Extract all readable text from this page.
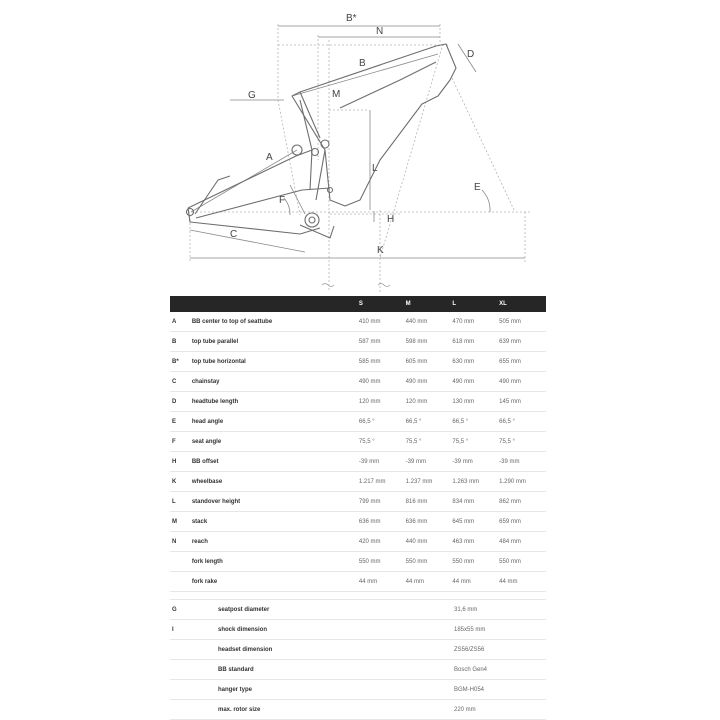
B*
N
B
D
G	M
A
L
E
F
H
C
K
		S	M	L	XL
A	BB center to top of seattube	410 mm	440 mm	470 mm	505 mm
B	top tube parallel	587 mm	598 mm	618 mm	639 mm
B*	top tube horizontal	585 mm	605 mm	630 mm	655 mm
C	chainstay	490 mm	490 mm	490 mm	490 mm
D	headtube length	120 mm	120 mm	130 mm	145 mm
E	head angle	66,5 °	66,5 °	66,5 °	66,5 °
F	seat angle	75,5 °	75,5 °	75,5 °	75,5 °
H	BB offset	-39 mm	-39 mm	-39 mm	-39 mm
K	wheelbase	1.217 mm	1.237 mm	1.263 mm	1.290 mm
L	standover height	799 mm	816 mm	834 mm	862 mm
M	stack	636 mm	636 mm	645 mm	659 mm
N	reach	420 mm	440 mm	463 mm	484 mm
	fork length	550 mm	550 mm	550 mm	550 mm
	fork rake	44 mm	44 mm	44 mm	44 mm
G	seatpost diameter	31,6 mm
I	shock dimension	185x55 mm
	headset dimension	ZS56/ZS56
	BB standard	Bosch Gen4
	hanger type	BGM-H054
	max. rotor size	220 mm
